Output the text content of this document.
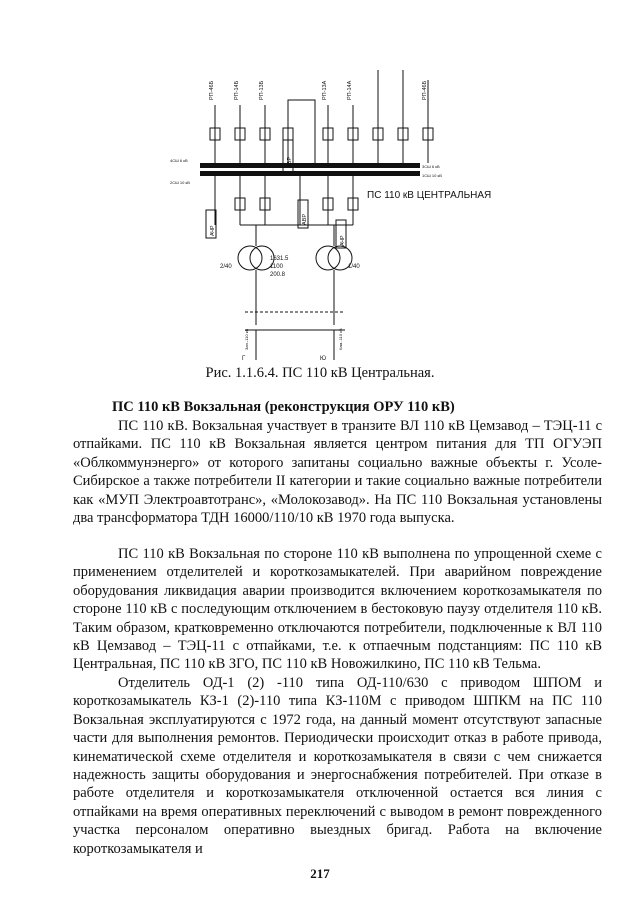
РП-46Б	РП-14Б	РП-13Б	РП-13А	РП-14А	РП-46Б
АВР
АВР
АЧР
АЧР
4СШ 6 кВ
2СШ 10 кВ
3СШ 6 кВ
1СШ 10 кВ
2/40	1/40
1631.5
1100
200.8
Зап.-110 кВ	Кам.-110 кВ
Г	Ю
ПС 110 кВ ЦЕНТРАЛЬНАЯ
Рис. 1.1.6.4. ПС 110 кВ Центральная.
ПС 110 кВ Вокзальная (реконструкция ОРУ 110 кВ)

ПС 110 кВ. Вокзальная участвует в транзите ВЛ 110 кВ Цемзавод – ТЭЦ-11 с отпайками. ПС 110 кВ Вокзальная является центром питания для ТП ОГУЭП «Облкоммунэнерго» от которого запитаны социально важные объекты г. Усоле-Сибирское а также потребители II категории и такие социально важные потребители как «МУП Электроавтотранс», «Молокозавод». На ПС 110 Вокзальная установлены два трансформатора ТДН 16000/110/10 кВ 1970 года выпуска.

ПС 110 кВ Вокзальная по стороне 110 кВ выполнена по упрощенной схеме с применением отделителей и короткозамыкателей. При аварийном повреждение оборудования ликвидация аварии производится включением короткозамыкателя по стороне 110 кВ с последующим отключением в бестоковую паузу отделителя 110 кВ. Таким образом, кратковременно отключаются потребители, подключенные к ВЛ 110 кВ Цемзавод – ТЭЦ-11 с отпайками, т.е. к отпаечным подстанциям: ПС 110 кВ Центральная, ПС 110 кВ ЗГО, ПС 110 кВ Новожилкино, ПС 110 кВ Тельма.

Отделитель ОД-1 (2) -110 типа ОД-110/630 с приводом ШПОМ и короткозамыкатель КЗ-1 (2)-110 типа КЗ-110М с приводом ШПКМ на ПС 110 Вокзальная эксплуатируются с 1972 года, на данный момент отсутствуют запасные части для выполнения ремонтов. Периодически происходит отказ в работе привода, кинематической схеме отделителя и короткозамыкателя в связи с чем снижается надежность защиты оборудования и энергоснабжения потребителей. При отказе в работе отделителя и короткозамыкателя отключенной остается вся линия с отпайками на время оперативных переключений с выводом в ремонт поврежденного участка персоналом оперативно выездных бригад. Работа на включение короткозамыкателя и

217
